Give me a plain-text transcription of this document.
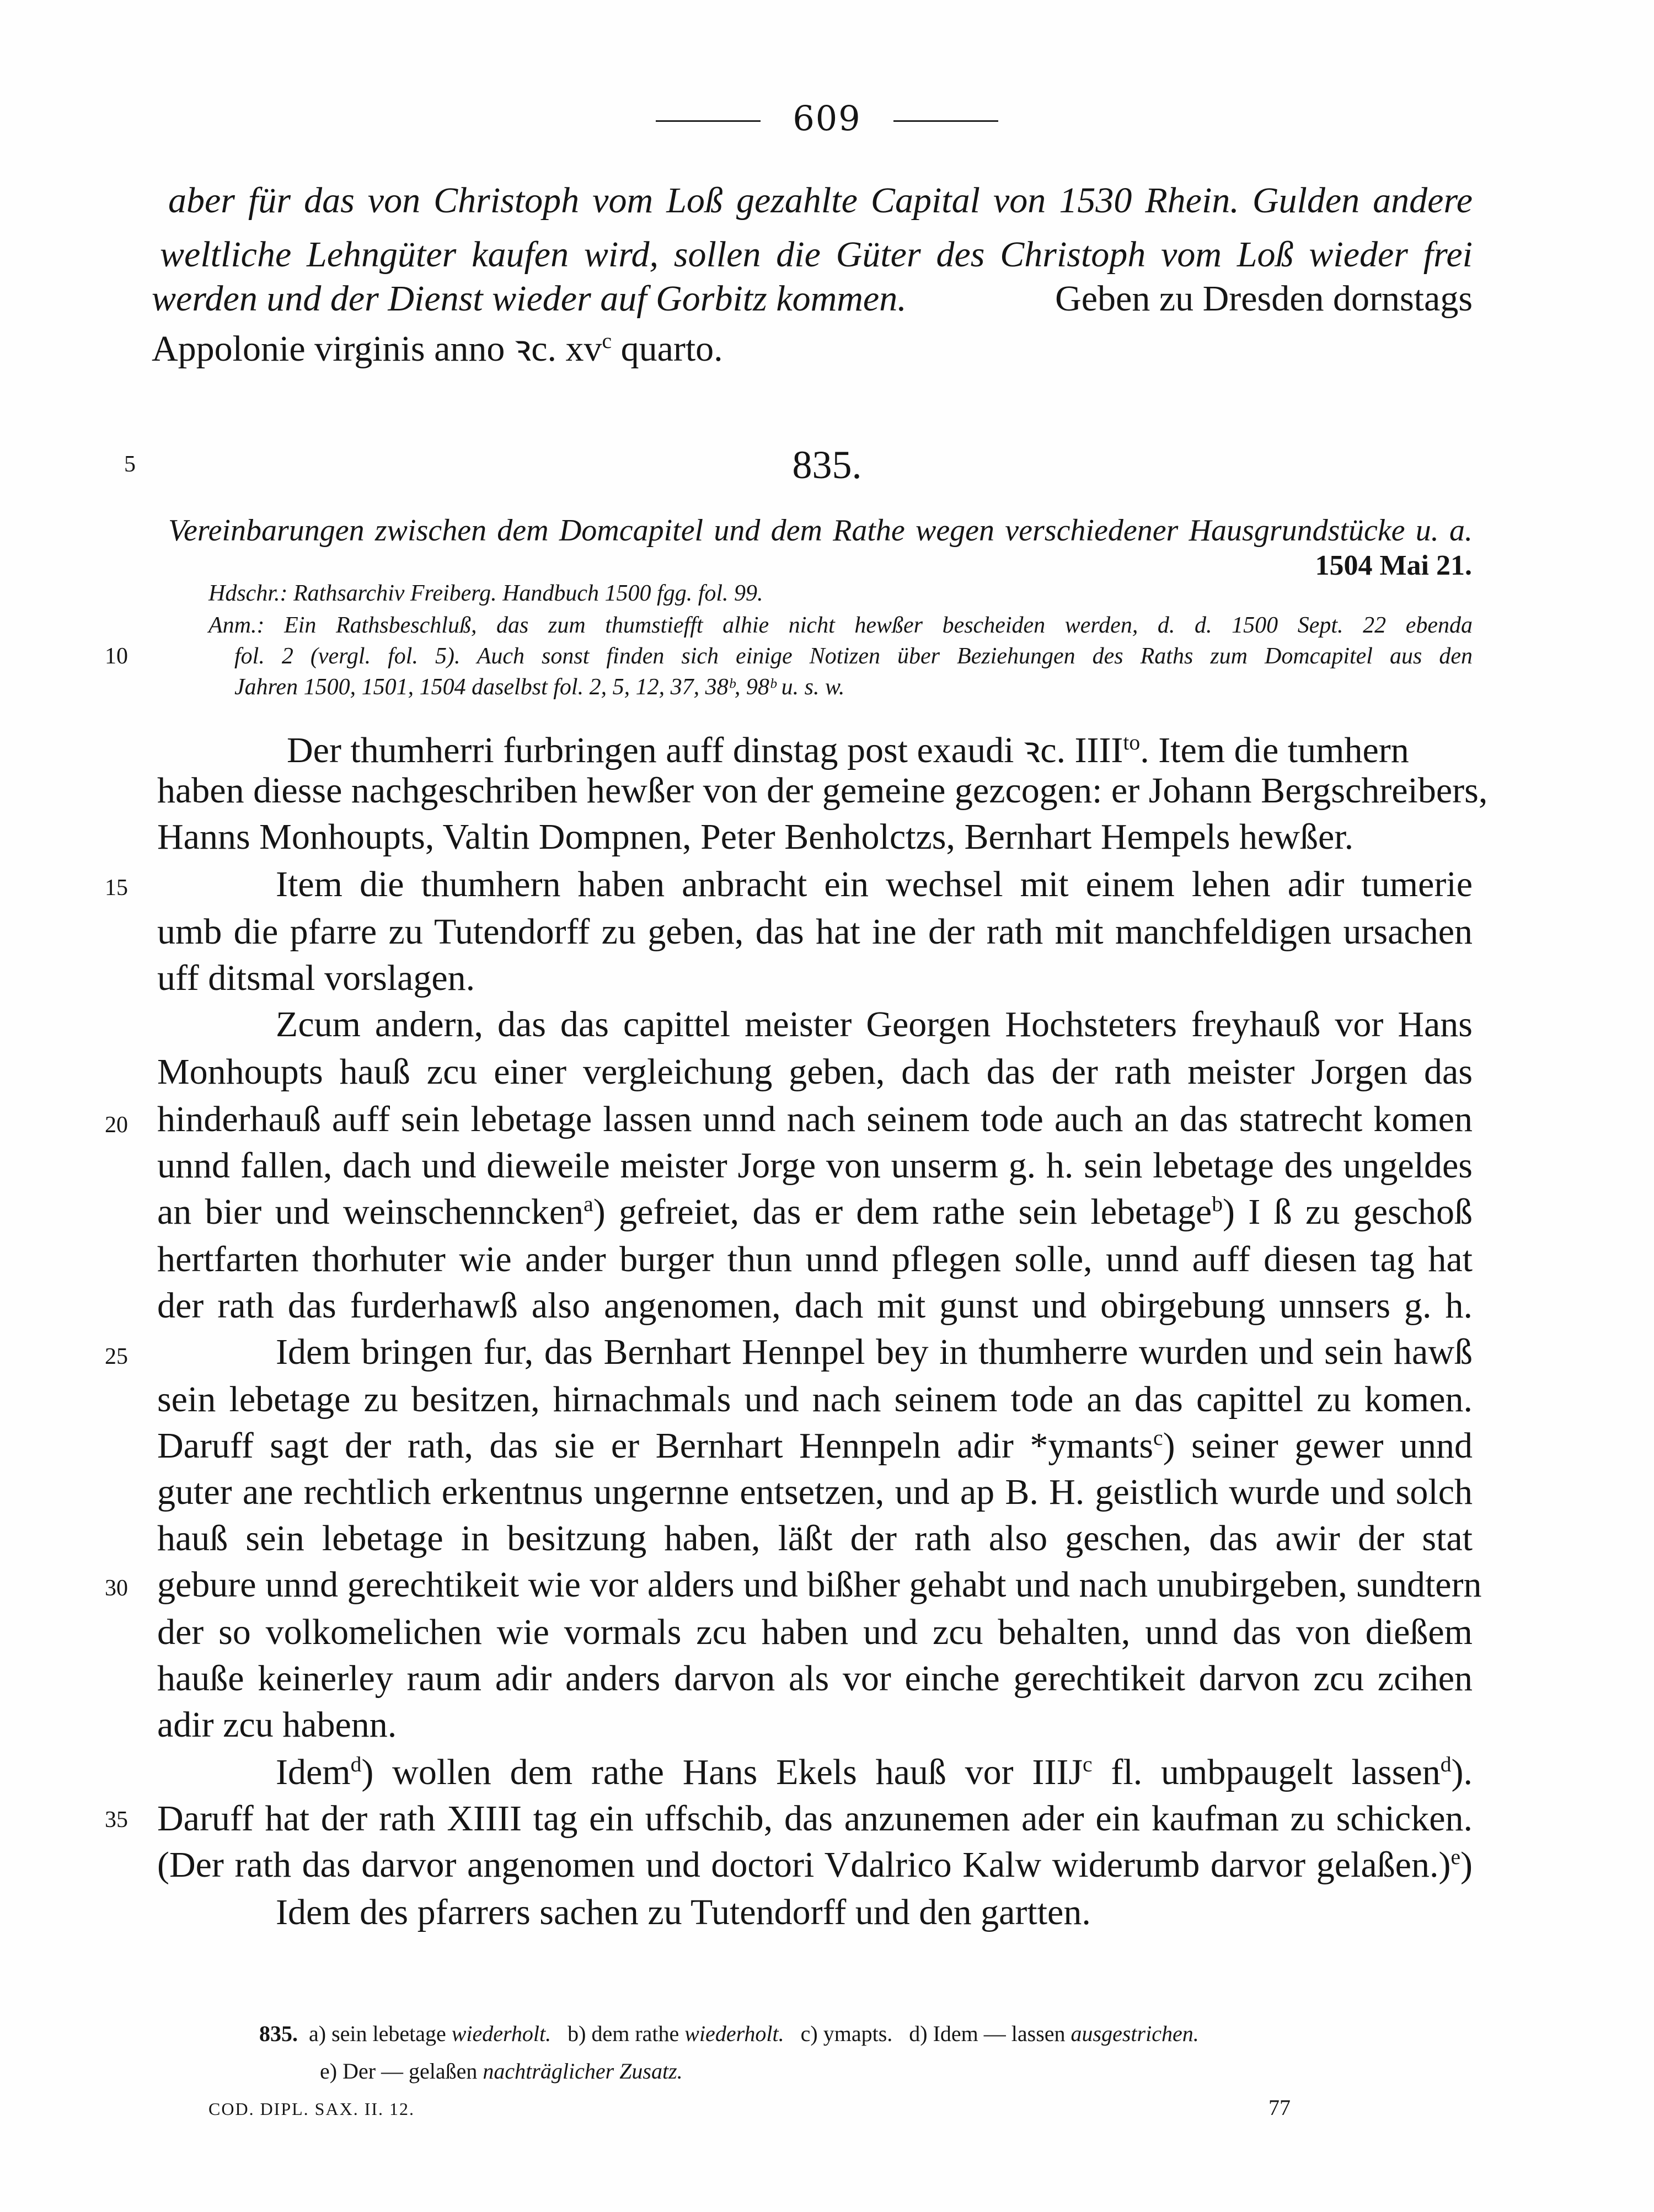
609
aber für das von Christoph vom Loß gezahlte Capital von 1530 Rhein. Gulden andere
weltliche Lehngüter kaufen wird, sollen die Güter des Christoph vom Loß wieder frei
werden und der Dienst wieder auf Gorbitz kommen.	Geben zu Dresden dornstags
Appolonie virginis anno ꝛc. $xv^c$ quarto.
5
10
15
20
25
30
35
835.
Vereinbarungen zwischen dem Domcapitel und dem Rathe wegen verschiedener Hausgrundstücke u. a.
1504 Mai 21.
Hdschr.: Rathsarchiv Freiberg. Handbuch 1500 fgg. fol. 99.
Anm.: Ein Rathsbeschluß, das zum thumstiefft alhie nicht hewßer bescheiden werden, d. d. 1500 Sept. 22 ebenda
fol. 2 (vergl. fol. 5). Auch sonst finden sich einige Notizen über Beziehungen des Raths zum Domcapitel aus den
Jahren 1500, 1501, 1504 daselbst fol. 2, 5, 12, 37, 38ᵇ, 98ᵇ u. s. w.
Der thumherri furbringen auff dinstag post exaudi ꝛc. $IIII^{to}$. Item die tumhern
haben diesse nachgeschriben hewßer von der gemeine gezcogen: er Johann Bergschreibers,
Hanns Monhoupts, Valtin Dompnen, Peter Benholctzs, Bernhart Hempels hewßer.
Item die thumhern haben anbracht ein wechsel mit einem lehen adir tumerie
umb die pfarre zu Tutendorff zu geben, das hat ine der rath mit manchfeldigen ursachen
uff ditsmal vorslagen.
Zcum andern, das das capittel meister Georgen Hochsteters freyhauß vor Hans
Monhoupts hauß zcu einer vergleichung geben, dach das der rath meister Jorgen das
hinderhauß auff sein lebetage lassen unnd nach seinem tode auch an das statrecht komen
unnd fallen, dach und dieweile meister Jorge von unserm g. h. sein lebetage des ungeldes
an bier und weinschenncken$^a$) gefreiet, das er dem rathe sein lebetage$^b$) I ß zu geschoß
hertfarten thorhuter wie ander burger thun unnd pflegen solle, unnd auff diesen tag hat
der rath das furderhawß also angenomen, dach mit gunst und obirgebung unnsers g. h.
Idem bringen fur, das Bernhart Hennpel bey in thumherre wurden und sein hawß
sein lebetage zu besitzen, hirnachmals und nach seinem tode an das capittel zu komen.
Daruff sagt der rath, das sie er Bernhart Hennpeln adir *ymants$^c$) seiner gewer unnd
guter ane rechtlich erkentnus ungernne entsetzen, und ap B. H. geistlich wurde und solch
hauß sein lebetage in besitzung haben, läßt der rath also geschen, das awir der stat
gebure unnd gerechtikeit wie vor alders und bißher gehabt und nach unubirgeben, sundtern
der so volkomelichen wie vormals zcu haben und zcu behalten, unnd das von dießem
hauße keinerley raum adir anders darvon als vor einche gerechtikeit darvon zcu zcihen
adir zcu habenn.
Idem$^d$) wollen dem rathe Hans Ekels hauß vor IIIJ$^c$ fl. umbpaugelt lassen$^d$).
Daruff hat der rath XIIII tag ein uffschib, das anzunemen ader ein kaufman zu schicken.
(Der rath das darvor angenomen und doctori Vdalrico Kalw widerumb darvor gelaßen.)$^e$)
Idem des pfarrers sachen zu Tutendorff und den gartten.
835. a) sein lebetage wiederholt. b) dem rathe wiederholt. c) ymapts. d) Idem — lassen ausgestrichen.
e) Der — gelaßen nachträglicher Zusatz.
COD. DIPL. SAX. II. 12.	77
